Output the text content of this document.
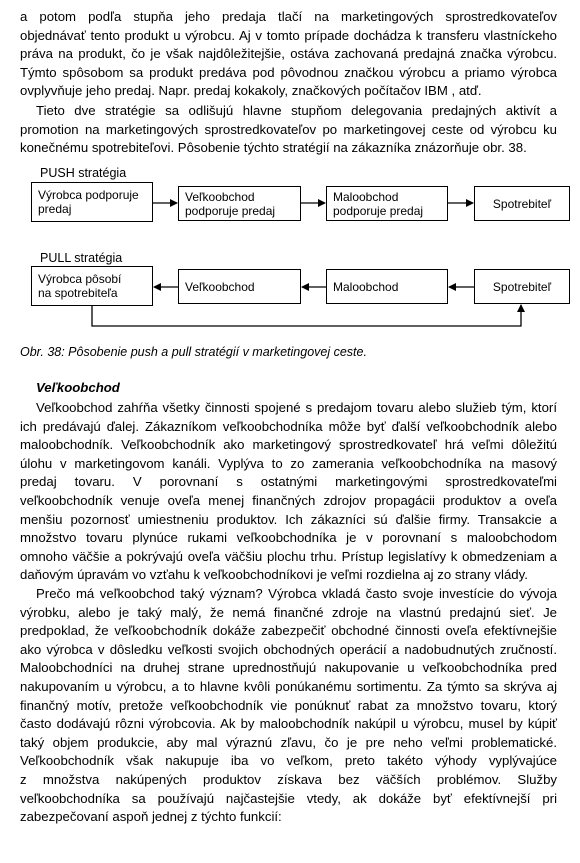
a potom podľa stupňa jeho predaja tlačí na marketingových sprostredkovateľov
objednávať tento produkt u výrobcu. Aj v tomto prípade dochádza k transferu vlastníckeho
práva na produkt, čo je však najdôležitejšie, ostáva zachovaná predajná značka výrobcu.
Týmto spôsobom sa produkt predáva pod pôvodnou značkou výrobcu a priamo výrobca
ovplyvňuje jeho predaj. Napr. predaj kokakoly, značkových počítačov IBM , atď.
Tieto dve stratégie sa odlišujú hlavne stupňom delegovania predajných aktivít a
promotion na marketingových sprostredkovateľov po marketingovej ceste od výrobcu ku
konečnému spotrebiteľovi. Pôsobenie týchto stratégií na zákazníka znázorňuje obr. 38.
PUSH stratégia
Výrobca podporuje
predaj
Veľkoobchod
podporuje predaj
Maloobchod
podporuje predaj	Spotrebiteľ
PULL stratégia
Výrobca pôsobí
na spotrebiteľa	Veľkoobchod	Maloobchod	Spotrebiteľ
Obr. 38: Pôsobenie push a pull stratégií v marketingovej ceste.
Veľkoobchod
Veľkoobchod zahŕňa všetky činnosti spojené s predajom tovaru alebo služieb tým, ktorí
ich predávajú ďalej. Zákazníkom veľkoobchodníka môže byť ďalší veľkoobchodník alebo
maloobchodník. Veľkoobchodník ako marketingový sprostredkovateľ hrá veľmi dôležitú
úlohu v marketingovom kanáli. Vyplýva to zo zamerania veľkoobchodníka na masový
predaj tovaru. V porovnaní s ostatnými marketingovými sprostredkovateľmi
veľkoobchodník venuje oveľa menej finančných zdrojov propagácii produktov a oveľa
menšiu pozornosť umiestneniu produktov. Ich zákazníci sú ďalšie firmy. Transakcie a
množstvo tovaru plynúce rukami veľkoobchodníka je v porovnaní s maloobchodom
omnoho väčšie a pokrývajú oveľa väčšiu plochu trhu. Prístup legislatívy k obmedzeniam a
daňovým úpravám vo vzťahu k veľkoobchodníkovi je veľmi rozdielna aj zo strany vlády.
Prečo má veľkoobchod taký význam? Výrobca vkladá často svoje investície do vývoja
výrobku, alebo je taký malý, že nemá finančné zdroje na vlastnú predajnú sieť. Je
predpoklad, že veľkoobchodník dokáže zabezpečiť obchodné činnosti oveľa efektívnejšie
ako výrobca v dôsledku veľkosti svojich obchodných operácií a nadobudnutých zručností.
Maloobchodníci na druhej strane uprednostňujú nakupovanie u veľkoobchodníka pred
nakupovaním u výrobcu, a to hlavne kvôli ponúkanému sortimentu. Za týmto sa skrýva aj
finančný motív, pretože veľkoobchodník vie ponúknuť rabat za množstvo tovaru, ktorý
často dodávajú rôzni výrobcovia. Ak by maloobchodník nakúpil u výrobcu, musel by kúpiť
taký objem produkcie, aby mal výraznú zľavu, čo je pre neho veľmi problematické.
Veľkoobchodník však nakupuje iba vo veľkom, preto takéto výhody vyplývajúce
z množstva nakúpených produktov získava bez väčších problémov. Služby
veľkoobchodníka sa používajú najčastejšie vtedy, ak dokáže byť efektívnejší pri
zabezpečovaní aspoň jednej z týchto funkcií:
